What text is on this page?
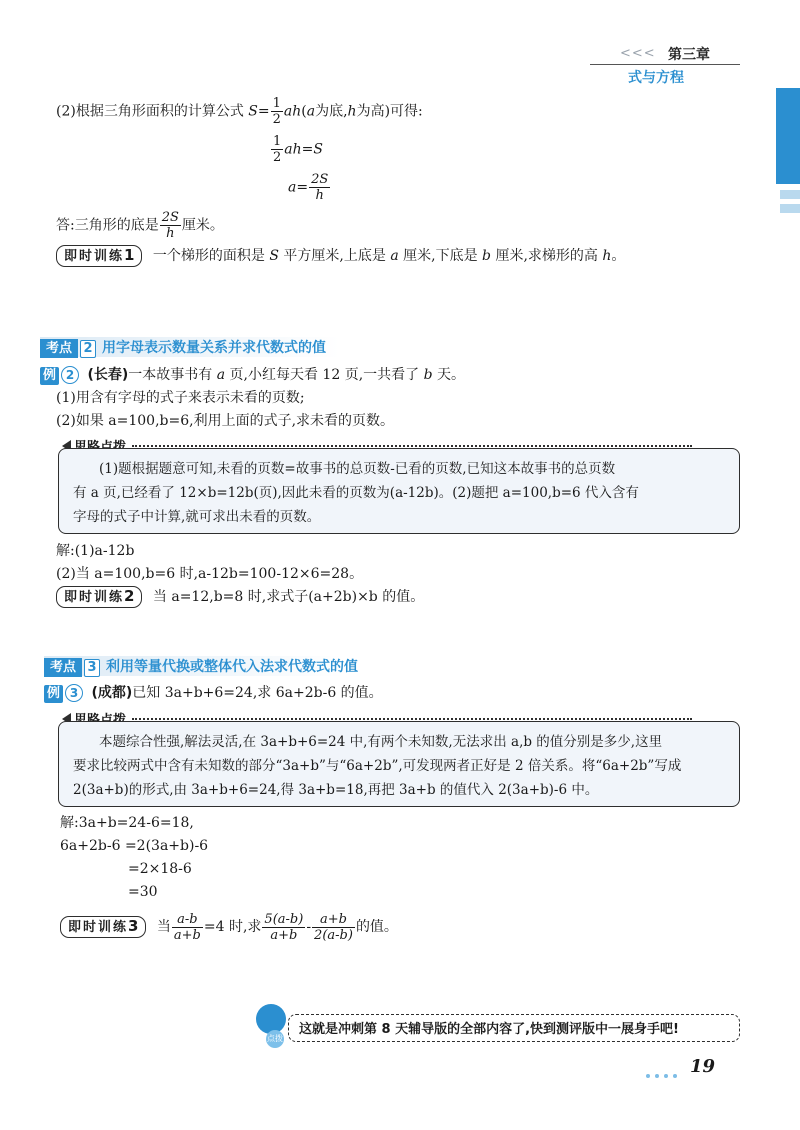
<<< 第三章
式与方程
(2)根据三角形面积的计算公式 $S= \frac{1}{2} ah(a$为底,h为高)可得:
$\frac{1}{2} ah=S$
$a= \frac{2S}{h}$
答:三角形的底是 $\frac{2S}{h}$ 厘米。
即时训练1 一个梯形的面积是 S 平方厘米,上底是 a 厘米,下底是 b 厘米,求梯形的高 h。
考点 2 用字母表示数量关系并求代数式的值
例 2 (长春)一本故事书有 a 页,小红每天看 12 页,一共看了 b 天。
(1)用含有字母的式子来表示未看的页数;
(2)如果 a=100,b=6,利用上面的式子,求未看的页数。
(1)题根据题意可知,未看的页数=故事书的总页数-已看的页数,已知这本故事书的总页数
有 a 页,已经看了 12×b=12b(页),因此未看的页数为(a-12b)。(2)题把 a=100,b=6 代入含有
字母的式子中计算,就可求出未看的页数。
解:(1)a-12b
(2)当 a=100,b=6 时,a-12b=100-12×6=28。
即时训练2 当 a=12,b=8 时,求式子(a+2b)×b 的值。
考点 3 利用等量代换或整体代入法求代数式的值
例 3 (成都)已知 3a+b+6=24,求 6a+2b-6 的值。
本题综合性强,解法灵活,在 3a+b+6=24 中,有两个未知数,无法求出 a,b 的值分别是多少,这里
要求比较两式中含有未知数的部分“3a+b”与“6a+2b”,可发现两者正好是 2 倍关系。将“6a+2b”写成
2(3a+b)的形式,由 3a+b+6=24,得 3a+b=18,再把 3a+b 的值代入 2(3a+b)-6 中。
解:3a+b=24-6=18,
6a+2b-6 =2(3a+b)-6
=2×18-6
=30
即时训练3 当 $\frac{a-b}{a+b} =4$ 时,求 $\frac{5(a-b)}{a+b} - \frac{a+b}{2(a-b)}$ 的值。
点拨
这就是冲刺第 8 天辅导版的全部内容了,快到测评版中一展身手吧!
19
